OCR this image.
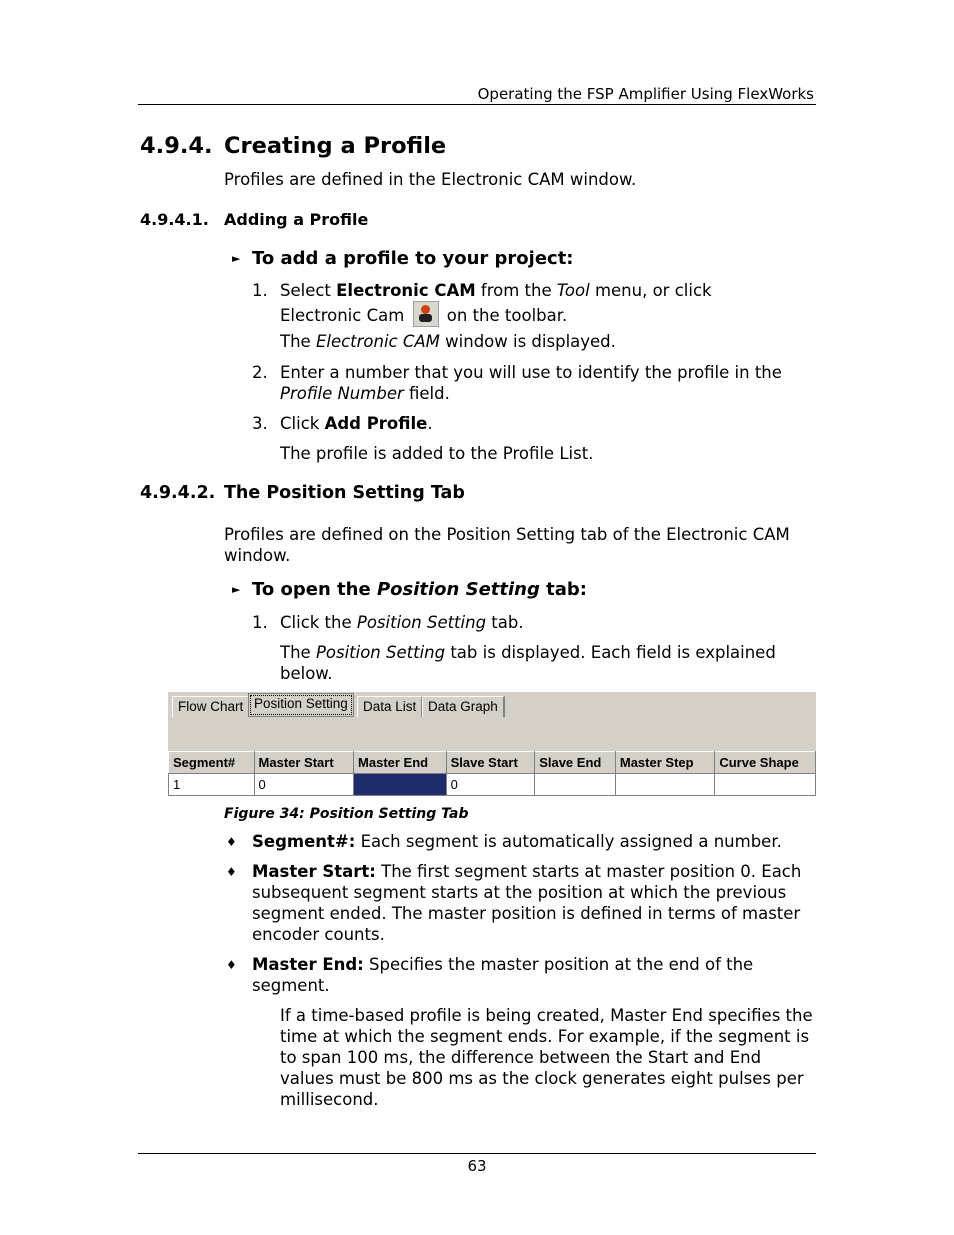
Operating the FSP Amplifier Using FlexWorks
4.9.4. Creating a Profile
Profiles are defined in the Electronic CAM window.
4.9.4.1. Adding a Profile
► To add a profile to your project:
1. Select Electronic CAM from the Tool menu, or click
Electronic Cam  on the toolbar.
The Electronic CAM window is displayed.
2. Enter a number that you will use to identify the profile in the Profile Number field.
3. Click Add Profile.
The profile is added to the Profile List.
4.9.4.2. The Position Setting Tab
Profiles are defined on the Position Setting tab of the Electronic CAM window.
► To open the Position Setting tab:
1. Click the Position Setting tab.
The Position Setting tab is displayed. Each field is explained below.
Flow Chart Position Setting	Data List Data Graph
Segment#	Master Start	Master End	Slave Start	Slave End	Master Step	Curve Shape
1	0		0			
Figure 34: Position Setting Tab
♦ Segment#: Each segment is automatically assigned a number.
♦ Master Start: The first segment starts at master position 0. Each subsequent segment starts at the position at which the previous segment ended. The master position is defined in terms of master encoder counts.
♦ Master End: Specifies the master position at the end of the segment.
If a time-based profile is being created, Master End specifies the time at which the segment ends. For example, if the segment is to span 100 ms, the difference between the Start and End values must be 800 ms as the clock generates eight pulses per millisecond.
63
